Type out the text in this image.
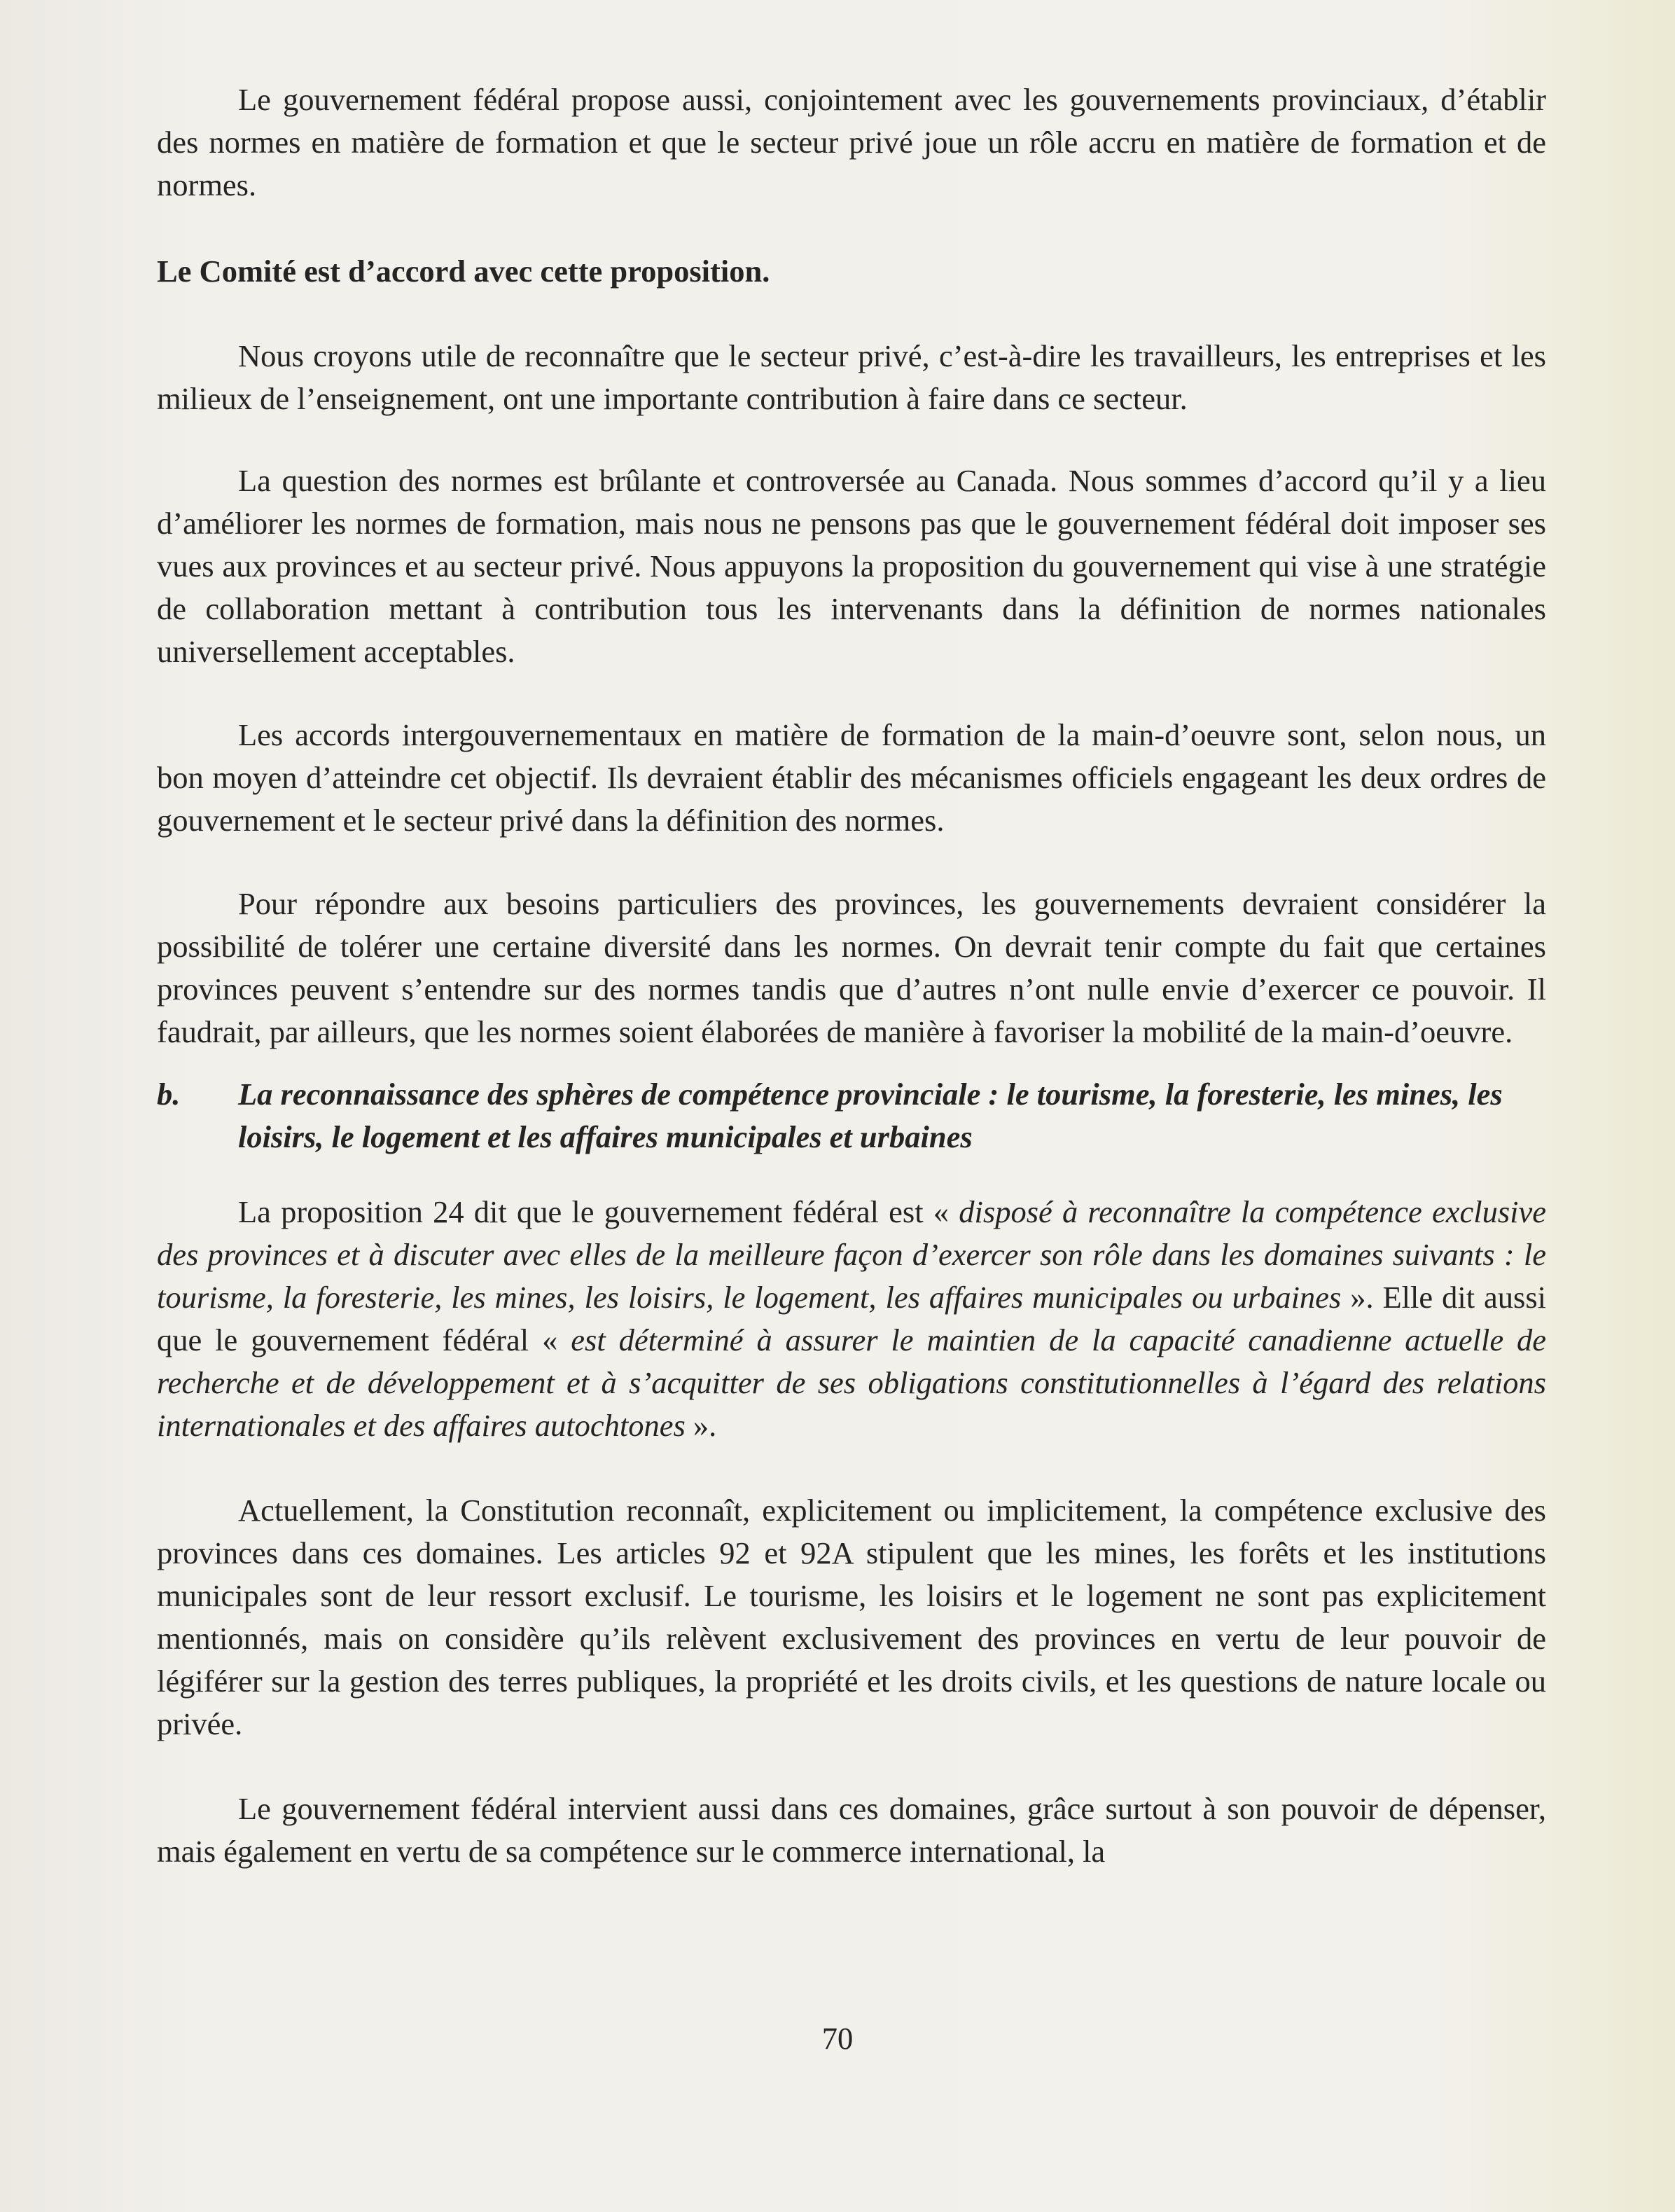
Le gouvernement fédéral propose aussi, conjointement avec les gouvernements provinciaux, d’établir des normes en matière de formation et que le secteur privé joue un rôle accru en matière de formation et de normes.

Le Comité est d’accord avec cette proposition.

Nous croyons utile de reconnaître que le secteur privé, c’est-à-dire les travailleurs, les entreprises et les milieux de l’enseignement, ont une importante contribution à faire dans ce secteur.

La question des normes est brûlante et controversée au Canada. Nous sommes d’accord qu’il y a lieu d’améliorer les normes de formation, mais nous ne pensons pas que le gouvernement fédéral doit imposer ses vues aux provinces et au secteur privé. Nous appuyons la proposition du gouvernement qui vise à une stratégie de collaboration mettant à contribution tous les intervenants dans la définition de normes nationales universellement acceptables.

Les accords intergouvernementaux en matière de formation de la main-d’oeuvre sont, selon nous, un bon moyen d’atteindre cet objectif. Ils devraient établir des mécanismes officiels engageant les deux ordres de gouvernement et le secteur privé dans la définition des normes.

Pour répondre aux besoins particuliers des provinces, les gouvernements devraient considérer la possibilité de tolérer une certaine diversité dans les normes. On devrait tenir compte du fait que certaines provinces peuvent s’entendre sur des normes tandis que d’autres n’ont nulle envie d’exercer ce pouvoir. Il faudrait, par ailleurs, que les normes soient élaborées de manière à favoriser la mobilité de la main-d’oeuvre.

b.	La reconnaissance des sphères de compétence provinciale : le tourisme, la foresterie, les mines, les loisirs, le logement et les affaires municipales et urbaines

La proposition 24 dit que le gouvernement fédéral est « disposé à reconnaître la compétence exclusive des provinces et à discuter avec elles de la meilleure façon d’exercer son rôle dans les domaines suivants : le tourisme, la foresterie, les mines, les loisirs, le logement, les affaires municipales ou urbaines ». Elle dit aussi que le gouvernement fédéral « est déterminé à assurer le maintien de la capacité canadienne actuelle de recherche et de développement et à s’acquitter de ses obligations constitutionnelles à l’égard des relations internationales et des affaires autochtones ».

Actuellement, la Constitution reconnaît, explicitement ou implicitement, la compétence exclusive des provinces dans ces domaines. Les articles 92 et 92A stipulent que les mines, les forêts et les institutions municipales sont de leur ressort exclusif. Le tourisme, les loisirs et le logement ne sont pas explicitement mentionnés, mais on considère qu’ils relèvent exclusivement des provinces en vertu de leur pouvoir de légiférer sur la gestion des terres publiques, la propriété et les droits civils, et les questions de nature locale ou privée.

Le gouvernement fédéral intervient aussi dans ces domaines, grâce surtout à son pouvoir de dépenser, mais également en vertu de sa compétence sur le commerce international, la

70
